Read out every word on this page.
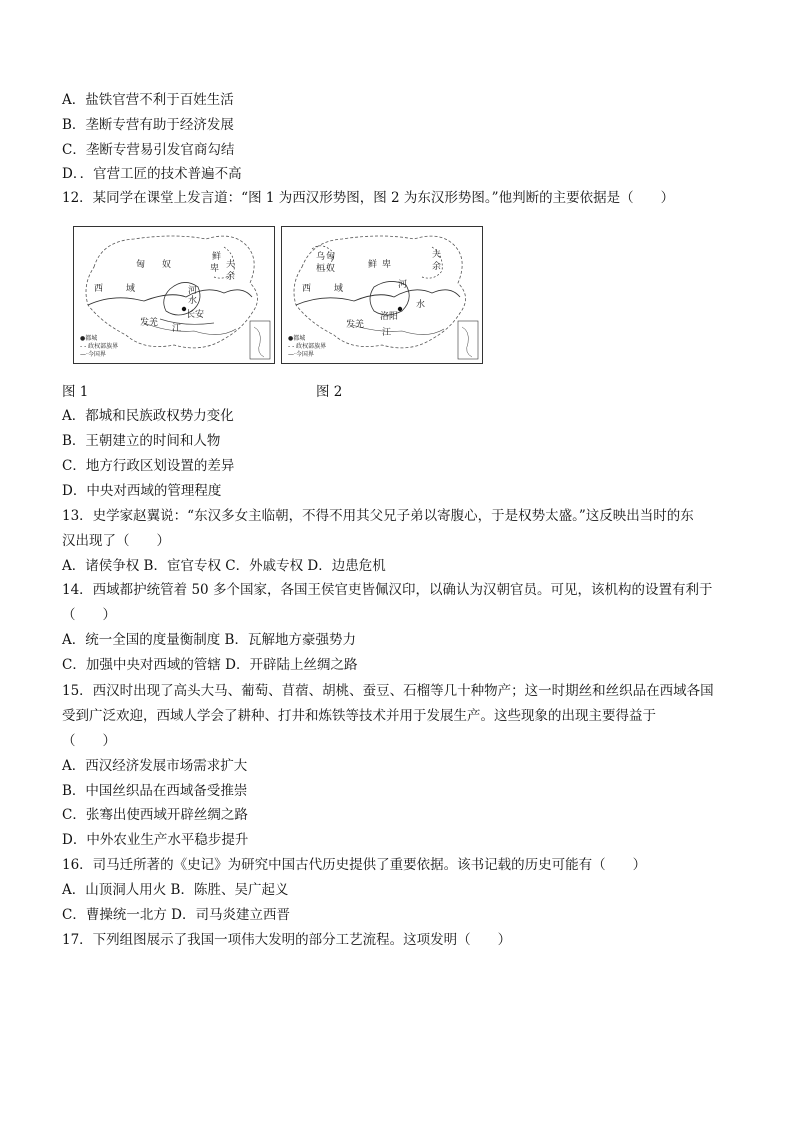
A．盐铁官营不利于百姓生活
B．垄断专营有助于经济发展
C．垄断专营易引发官商勾结
D．．官营工匠的技术普遍不高
12．某同学在课堂上发言道：“图 1 为西汉形势图，图 2 为东汉形势图。”他判断的主要依据是（　　）
匈 奴
鲜
卑 夫
余
西	域	河
水
长安
江
发羌
●都城
- - 政权部族界
—·今国界
乌
桓	鲜 卑
夫
余
西	域	河
水
洛阳
发羌
江
匈
奴
●都城
- - 政权部族界
—·今国界
图 1	图 2
A．都城和民族政权势力变化
B．王朝建立的时间和人物
C．地方行政区划设置的差异
D．中央对西域的管理程度
13．史学家赵翼说：“东汉多女主临朝，不得不用其父兄子弟以寄腹心，于是权势太盛。”这反映出当时的东
汉出现了（　　）
A．诸侯争权 B．宦官专权 C．外戚专权 D．边患危机
14．西域都护统管着 50 多个国家，各国王侯官吏皆佩汉印，以确认为汉朝官员。可见，该机构的设置有利于
（　　）
A．统一全国的度量衡制度 B．瓦解地方豪强势力
C．加强中央对西域的管辖 D．开辟陆上丝绸之路
15．西汉时出现了高头大马、葡萄、苜蓿、胡桃、蚕豆、石榴等几十种物产；这一时期丝和丝织品在西域各国
受到广泛欢迎，西域人学会了耕种、打井和炼铁等技术并用于发展生产。这些现象的出现主要得益于
（　　）
A．西汉经济发展市场需求扩大
B．中国丝织品在西域备受推崇
C．张骞出使西域开辟丝绸之路
D．中外农业生产水平稳步提升
16．司马迁所著的《史记》为研究中国古代历史提供了重要依据。该书记载的历史可能有（　　）
A．山顶洞人用火 B．陈胜、吴广起义
C．曹操统一北方 D．司马炎建立西晋
17．下列组图展示了我国一项伟大发明的部分工艺流程。这项发明（　　）
